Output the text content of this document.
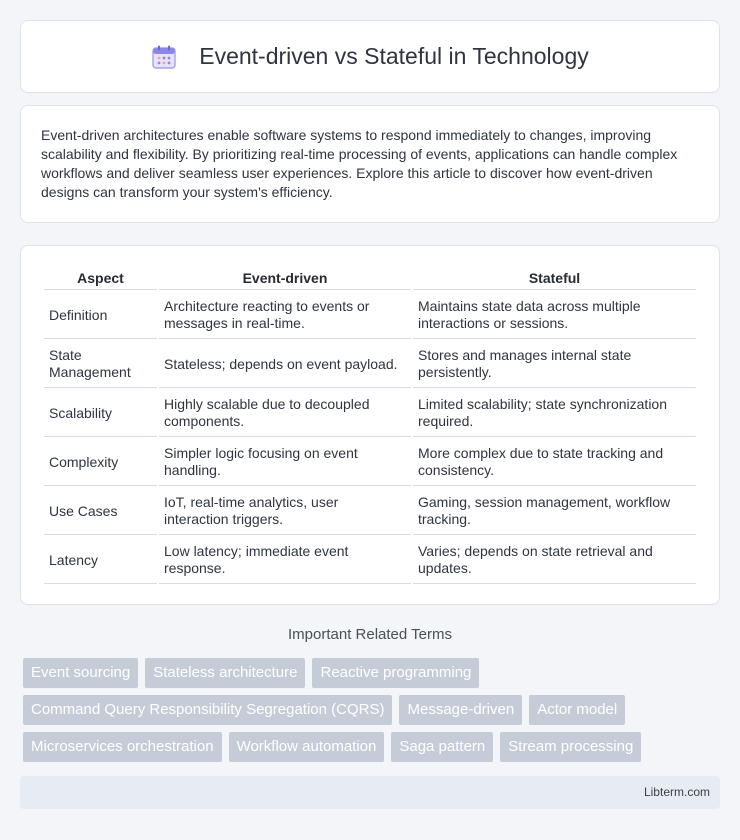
Event-driven vs Stateful in Technology

Event-driven architectures enable software systems to respond immediately to changes, improving scalability and flexibility. By prioritizing real-time processing of events, applications can handle complex workflows and deliver seamless user experiences. Explore this article to discover how event-driven designs can transform your system's efficiency.

Aspect	Event-driven	Stateful
Definition	Architecture reacting to events or messages in real-time.	Maintains state data across multiple interactions or sessions.
State Management	Stateless; depends on event payload.	Stores and manages internal state persistently.
Scalability	Highly scalable due to decoupled components.	Limited scalability; state synchronization required.
Complexity	Simpler logic focusing on event handling.	More complex due to state tracking and consistency.
Use Cases	IoT, real-time analytics, user interaction triggers.	Gaming, session management, workflow tracking.
Latency	Low latency; immediate event response.	Varies; depends on state retrieval and updates.
Important Related Terms
Event sourcing	Stateless architecture	Reactive programming
Command Query Responsibility Segregation (CQRS)	Message-driven	Actor model
Microservices orchestration	Workflow automation	Saga pattern	Stream processing
Libterm.com
